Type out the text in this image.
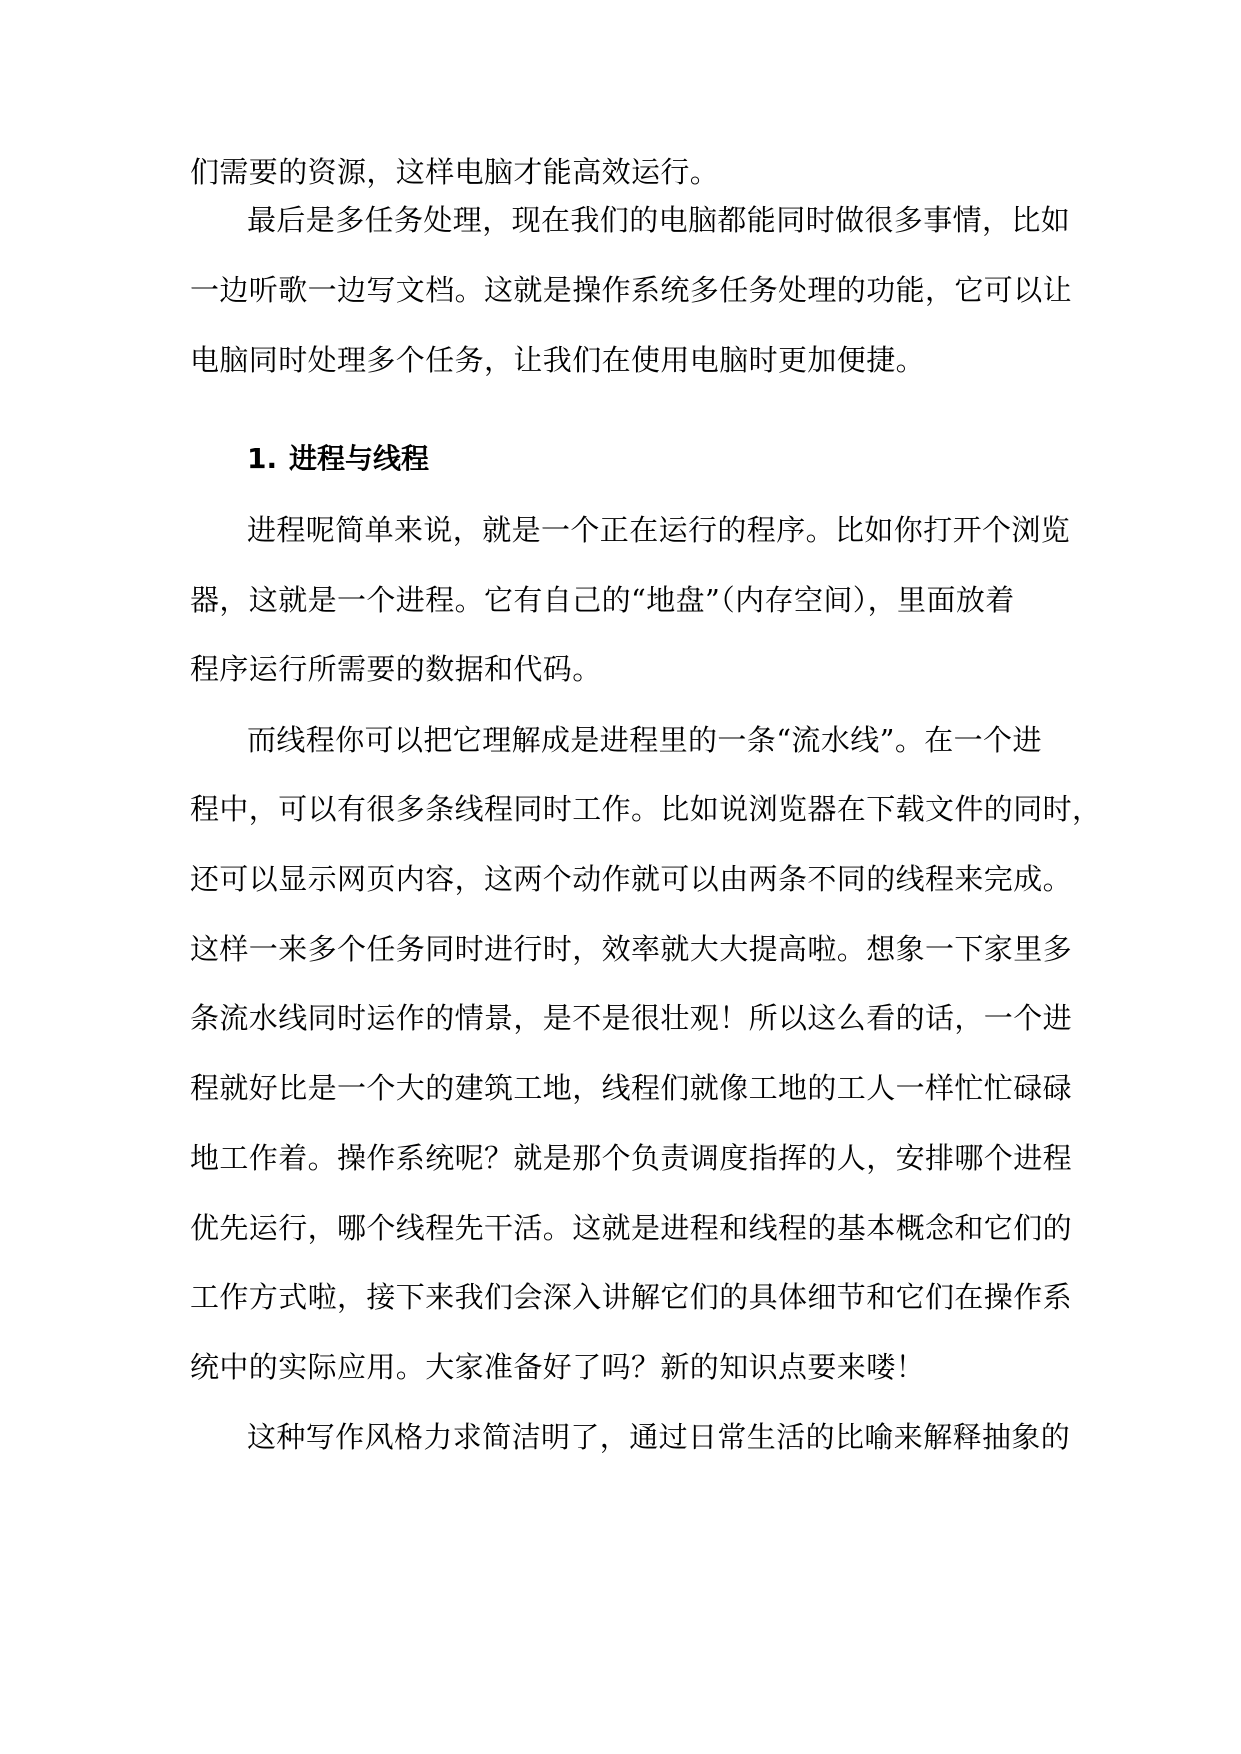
们需要的资源，这样电脑才能高效运行。
最后是多任务处理，现在我们的电脑都能同时做很多事情，比如
一边听歌一边写文档。这就是操作系统多任务处理的功能，它可以让
电脑同时处理多个任务，让我们在使用电脑时更加便捷。
1. 进程与线程
进程呢简单来说，就是一个正在运行的程序。比如你打开个浏览
器，这就是一个进程。它有自己的“地盘”（内存空间），里面放着
程序运行所需要的数据和代码。
而线程你可以把它理解成是进程里的一条“流水线”。在一个进
程中，可以有很多条线程同时工作。比如说浏览器在下载文件的同时，
还可以显示网页内容，这两个动作就可以由两条不同的线程来完成。
这样一来多个任务同时进行时，效率就大大提高啦。想象一下家里多
条流水线同时运作的情景，是不是很壮观！所以这么看的话，一个进
程就好比是一个大的建筑工地，线程们就像工地的工人一样忙忙碌碌
地工作着。操作系统呢？就是那个负责调度指挥的人，安排哪个进程
优先运行，哪个线程先干活。这就是进程和线程的基本概念和它们的
工作方式啦，接下来我们会深入讲解它们的具体细节和它们在操作系
统中的实际应用。大家准备好了吗？新的知识点要来喽！
这种写作风格力求简洁明了，通过日常生活的比喻来解释抽象的
